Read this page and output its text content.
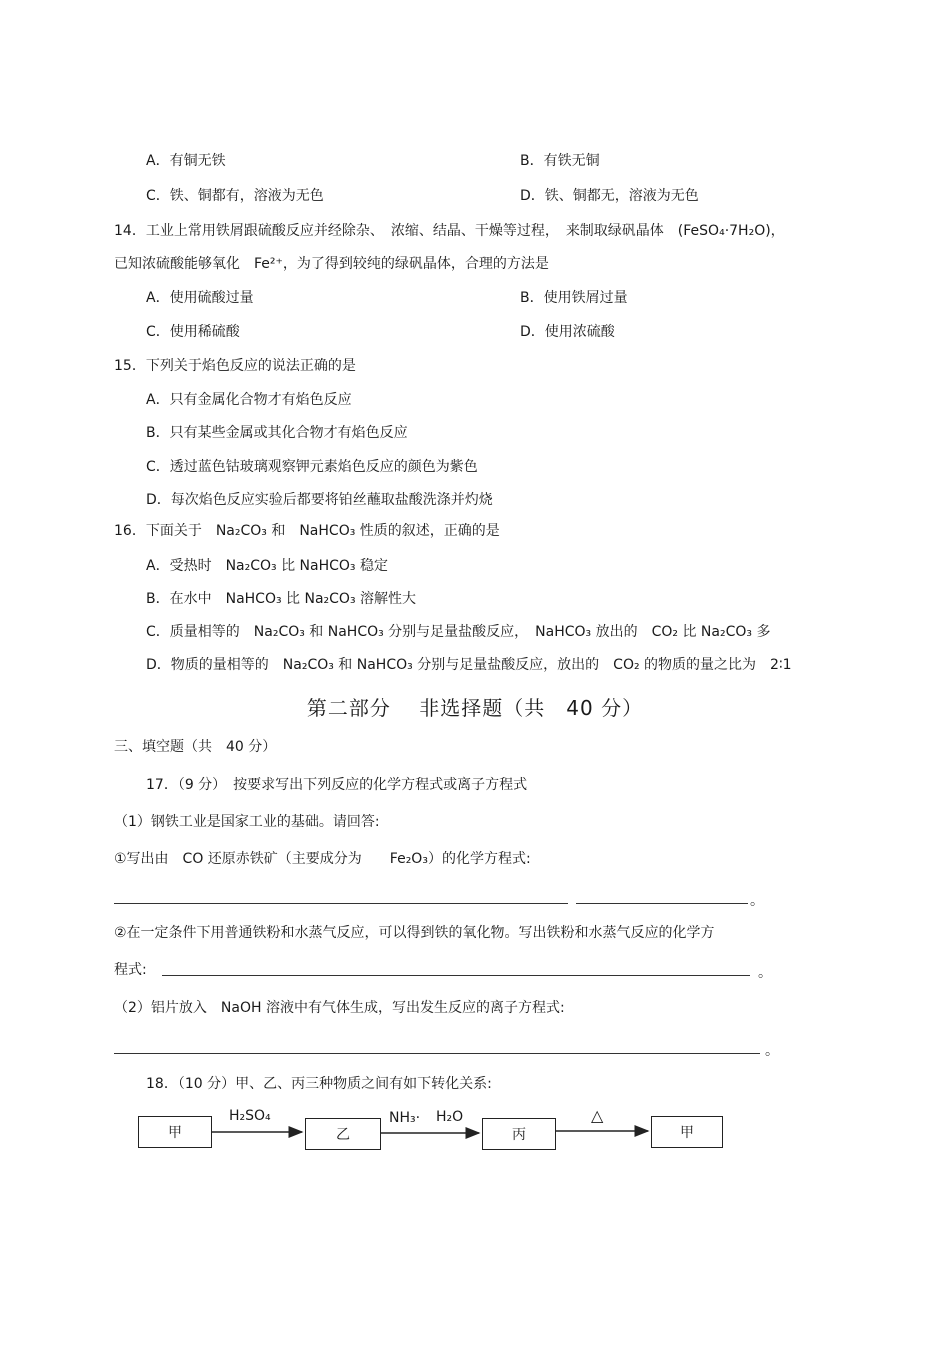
A．有铜无铁	B．有铁无铜
C．铁、铜都有，溶液为无色	D．铁、铜都无，溶液为无色
14．工业上常用铁屑跟硫酸反应并经除杂、　浓缩、结晶、干燥等过程，　来制取绿矾晶体　(FeSO₄·7H₂O)，
已知浓硫酸能够氧化　Fe²⁺，为了得到较纯的绿矾晶体，合理的方法是
A．使用硫酸过量	B．使用铁屑过量
C．使用稀硫酸	D．使用浓硫酸
15．下列关于焰色反应的说法正确的是
A．只有金属化合物才有焰色反应
B．只有某些金属或其化合物才有焰色反应
C．透过蓝色钴玻璃观察钾元素焰色反应的颜色为紫色
D．每次焰色反应实验后都要将铂丝蘸取盐酸洗涤并灼烧
16．下面关于　Na₂CO₃ 和　NaHCO₃ 性质的叙述，正确的是
A．受热时　Na₂CO₃ 比 NaHCO₃ 稳定
B．在水中　NaHCO₃ 比 Na₂CO₃ 溶解性大
C．质量相等的　Na₂CO₃ 和 NaHCO₃ 分别与足量盐酸反应，　NaHCO₃ 放出的　CO₂ 比 Na₂CO₃ 多
D．物质的量相等的　Na₂CO₃ 和 NaHCO₃ 分别与足量盐酸反应，放出的　CO₂ 的物质的量之比为　2∶1
第二部分　 非选择题（共　40 分）
三、填空题（共　40 分）
17．（9 分）　按要求写出下列反应的化学方程式或离子方程式
（1）钢铁工业是国家工业的基础。请回答:
①写出由　CO 还原赤铁矿（主要成分为　　Fe₂O₃）的化学方程式:
。
②在一定条件下用普通铁粉和水蒸气反应，可以得到铁的氧化物。写出铁粉和水蒸气反应的化学方
程式:	。
（2）铝片放入　NaOH 溶液中有气体生成，写出发生反应的离子方程式:
。
18．（10 分）甲、乙、丙三种物质之间有如下转化关系:
甲	乙	丙	甲
H₂SO₄	NH₃· H₂O	△
